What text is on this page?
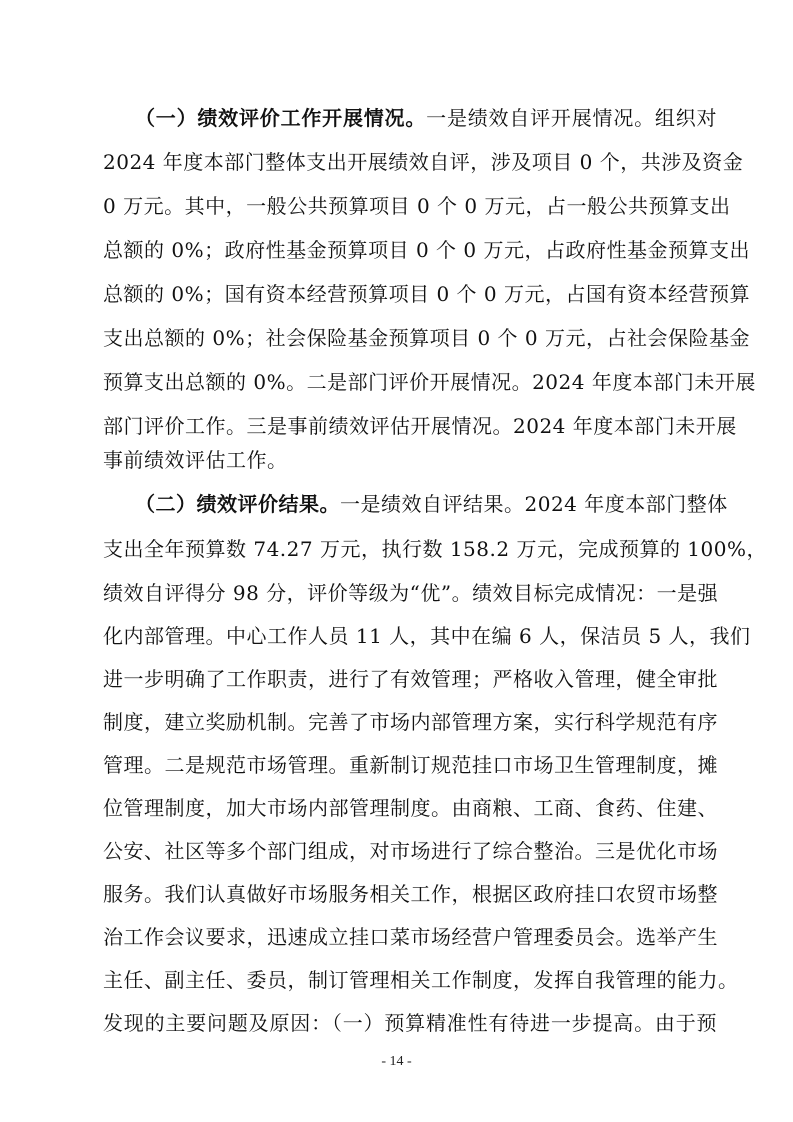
（一）绩效评价工作开展情况。一是绩效自评开展情况。组织对
2024 年度本部门整体支出开展绩效自评，涉及项目 0 个，共涉及资金
0 万元。其中，一般公共预算项目 0 个 0 万元，占一般公共预算支出
总额的 0%；政府性基金预算项目 0 个 0 万元，占政府性基金预算支出
总额的 0%；国有资本经营预算项目 0 个 0 万元，占国有资本经营预算
支出总额的 0%；社会保险基金预算项目 0 个 0 万元，占社会保险基金
预算支出总额的 0%。二是部门评价开展情况。2024 年度本部门未开展
部门评价工作。三是事前绩效评估开展情况。2024 年度本部门未开展
事前绩效评估工作。
（二）绩效评价结果。一是绩效自评结果。2024 年度本部门整体
支出全年预算数 74.27 万元，执行数 158.2 万元，完成预算的 100%，
绩效自评得分 98 分，评价等级为“优”。绩效目标完成情况：一是强
化内部管理。中心工作人员 11 人，其中在编 6 人，保洁员 5 人，我们
进一步明确了工作职责，进行了有效管理；严格收入管理，健全审批
制度，建立奖励机制。完善了市场内部管理方案，实行科学规范有序
管理。二是规范市场管理。重新制订规范挂口市场卫生管理制度，摊
位管理制度，加大市场内部管理制度。由商粮、工商、食药、住建、
公安、社区等多个部门组成，对市场进行了综合整治。三是优化市场
服务。我们认真做好市场服务相关工作，根据区政府挂口农贸市场整
治工作会议要求，迅速成立挂口菜市场经营户管理委员会。选举产生
主任、副主任、委员，制订管理相关工作制度，发挥自我管理的能力。
发现的主要问题及原因：（一）预算精准性有待进一步提高。由于预
- 14 -
